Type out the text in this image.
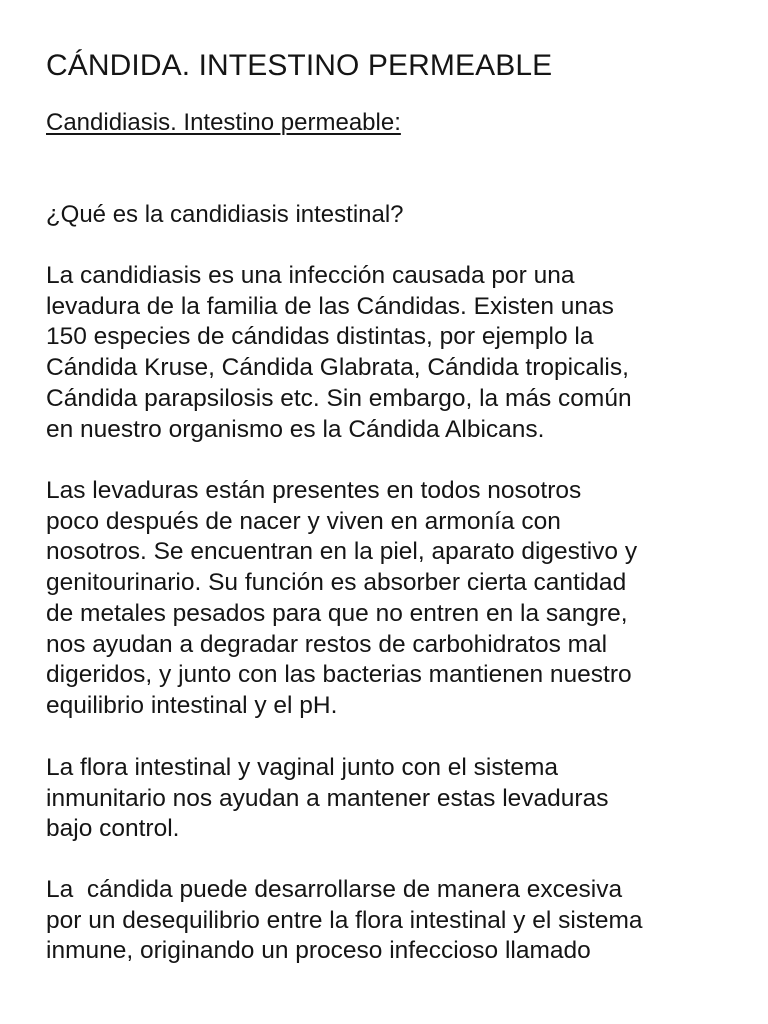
CÁNDIDA. INTESTINO PERMEABLE
Candidiasis. Intestino permeable:

¿Qué es la candidiasis intestinal?

La candidiasis es una infección causada por una
levadura de la familia de las Cándidas. Existen unas
150 especies de cándidas distintas, por ejemplo la
Cándida Kruse, Cándida Glabrata, Cándida tropicalis,
Cándida parapsilosis etc. Sin embargo, la más común
en nuestro organismo es la Cándida Albicans.

Las levaduras están presentes en todos nosotros
poco después de nacer y viven en armonía con
nosotros. Se encuentran en la piel, aparato digestivo y
genitourinario. Su función es absorber cierta cantidad
de metales pesados para que no entren en la sangre,
nos ayudan a degradar restos de carbohidratos mal
digeridos, y junto con las bacterias mantienen nuestro
equilibrio intestinal y el pH.

La flora intestinal y vaginal junto con el sistema
inmunitario nos ayudan a mantener estas levaduras
bajo control.

La  cándida puede desarrollarse de manera excesiva
por un desequilibrio entre la flora intestinal y el sistema
inmune, originando un proceso infeccioso llamado
